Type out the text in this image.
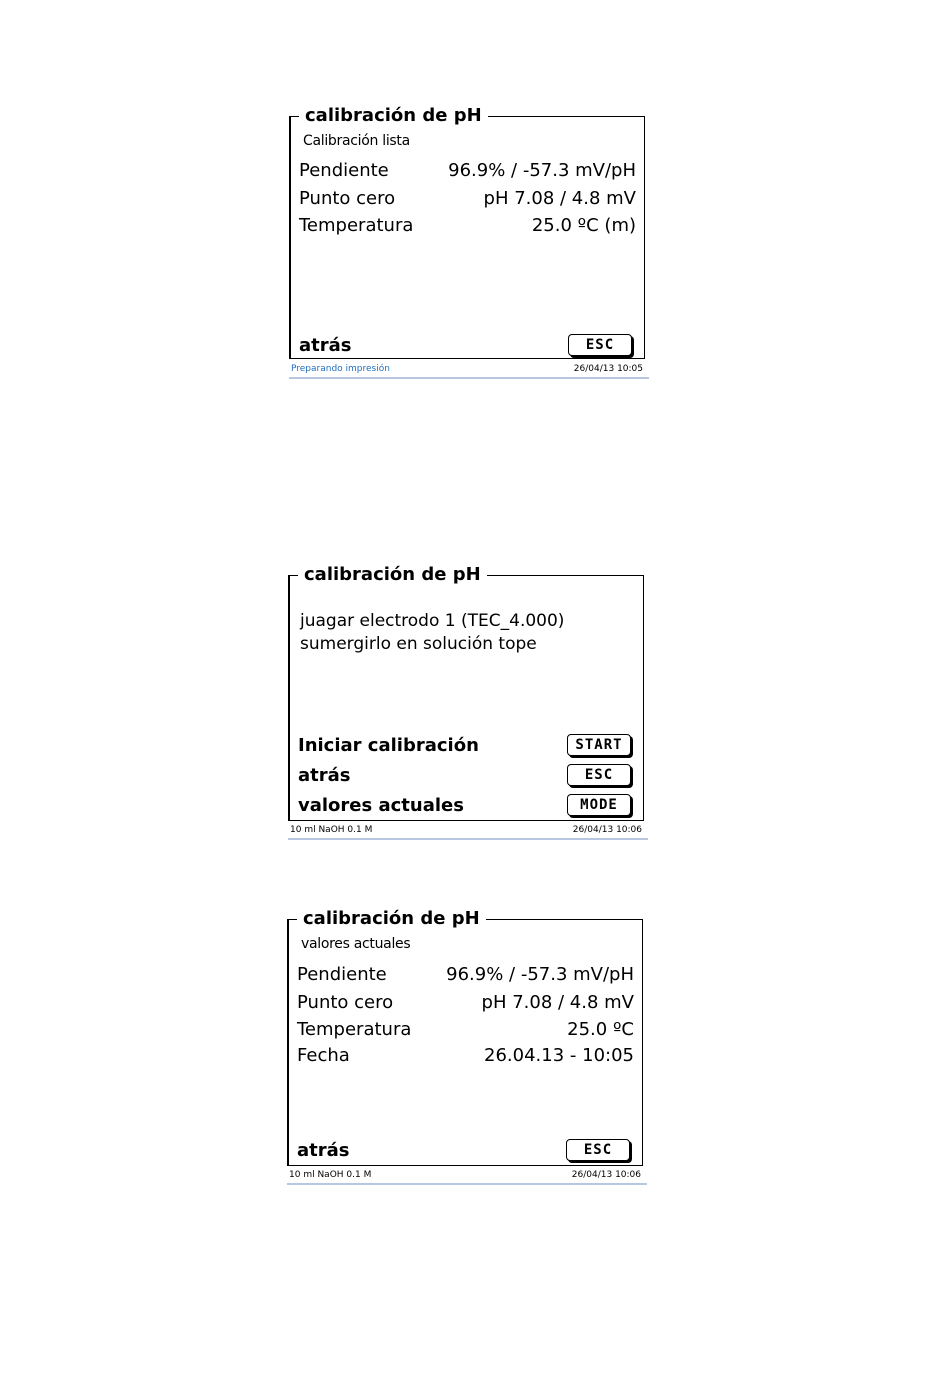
calibración de pH
Calibración lista
Pendiente	96.9% / -57.3 mV/pH
Punto cero	pH 7.08 / 4.8 mV
Temperatura	25.0 ºC (m)
atrás	ESC
Preparando impresión	26/04/13 10:05
calibración de pH
juagar electrodo 1 (TEC_4.000)
sumergirlo en solución tope
Iniciar calibración	START
atrás	ESC
valores actuales	MODE
10 ml NaOH 0.1 M	26/04/13 10:06
calibración de pH
valores actuales
Pendiente	96.9% / -57.3 mV/pH
Punto cero	pH 7.08 / 4.8 mV
Temperatura	25.0 ºC
Fecha	26.04.13 - 10:05
atrás	ESC
10 ml NaOH 0.1 M	26/04/13 10:06
